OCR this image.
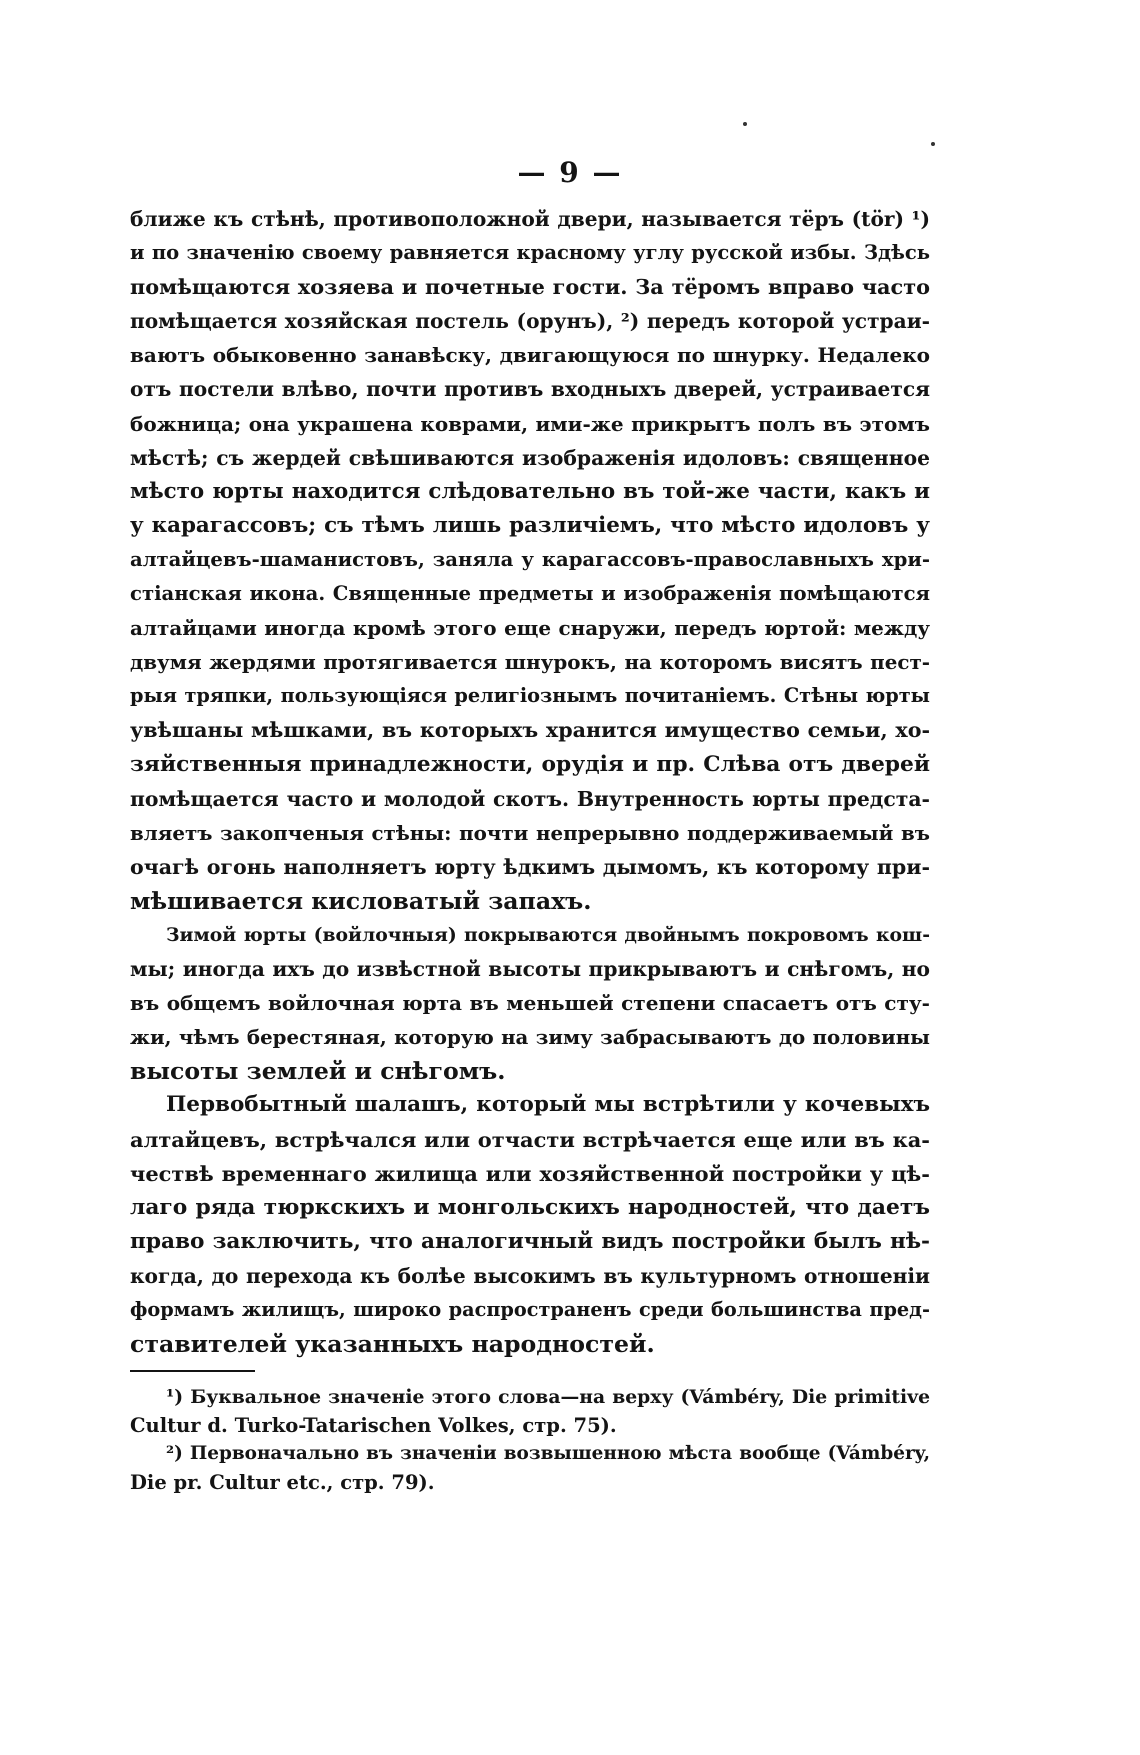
— 9 —
ближе къ стѣнѣ, противоположной двери, называется тёръ (tör) ¹)
и по значенію своему равняется красному углу русской избы. Здѣсь
помѣщаются хозяева и почетные гости. За тёромъ вправо часто
помѣщается хозяйская постель (орунъ), ²) передъ которой устраи-
ваютъ обыковенно занавѣску, двигающуюся по шнурку. Недалеко
отъ постели влѣво, почти противъ входныхъ дверей, устраивается
божница; она украшена коврами, ими-же прикрытъ полъ въ этомъ
мѣстѣ; съ жердей свѣшиваются изображенія идоловъ: священное
мѣсто юрты находится слѣдовательно въ той-же части, какъ и
у карагассовъ; съ тѣмъ лишь различіемъ, что мѣсто идоловъ у
алтайцевъ-шаманистовъ, заняла у карагассовъ-православныхъ хри-
стіанская икона. Священные предметы и изображенія помѣщаются
алтайцами иногда кромѣ этого еще снаружи, передъ юртой: между
двумя жердями протягивается шнурокъ, на которомъ висятъ пест-
рыя тряпки, пользующіяся религіознымъ почитаніемъ. Стѣны юрты
увѣшаны мѣшками, въ которыхъ хранится имущество семьи, хо-
зяйственныя принадлежности, орудія и пр. Слѣва отъ дверей
помѣщается часто и молодой скотъ. Внутренность юрты предста-
вляетъ закопченыя стѣны: почти непрерывно поддерживаемый въ
очагѣ огонь наполняетъ юрту ѣдкимъ дымомъ, къ которому при-
мѣшивается кисловатый запахъ.
Зимой юрты (войлочныя) покрываются двойнымъ покровомъ кош-
мы; иногда ихъ до извѣстной высоты прикрываютъ и снѣгомъ, но
въ общемъ войлочная юрта въ меньшей степени спасаетъ отъ сту-
жи, чѣмъ берестяная, которую на зиму забрасываютъ до половины
высоты землей и снѣгомъ.
Первобытный шалашъ, который мы встрѣтили у кочевыхъ
алтайцевъ, встрѣчался или отчасти встрѣчается еще или въ ка-
чествѣ временнаго жилища или хозяйственной постройки у цѣ-
лаго ряда тюркскихъ и монгольскихъ народностей, что даетъ
право заключить, что аналогичный видъ постройки былъ нѣ-
когда, до перехода къ болѣе высокимъ въ культурномъ отношеніи
формамъ жилищъ, широко распространенъ среди большинства пред-
ставителей указанныхъ народностей.
¹) Буквальное значеніе этого слова—на верху (Vámbéry, Die primitive
Cultur d. Turko-Tatarischen Volkes, стр. 75).
²) Первоначально въ значеніи возвышенною мѣста вообще (Vámbéry,
Die pr. Cultur etc., стр. 79).
